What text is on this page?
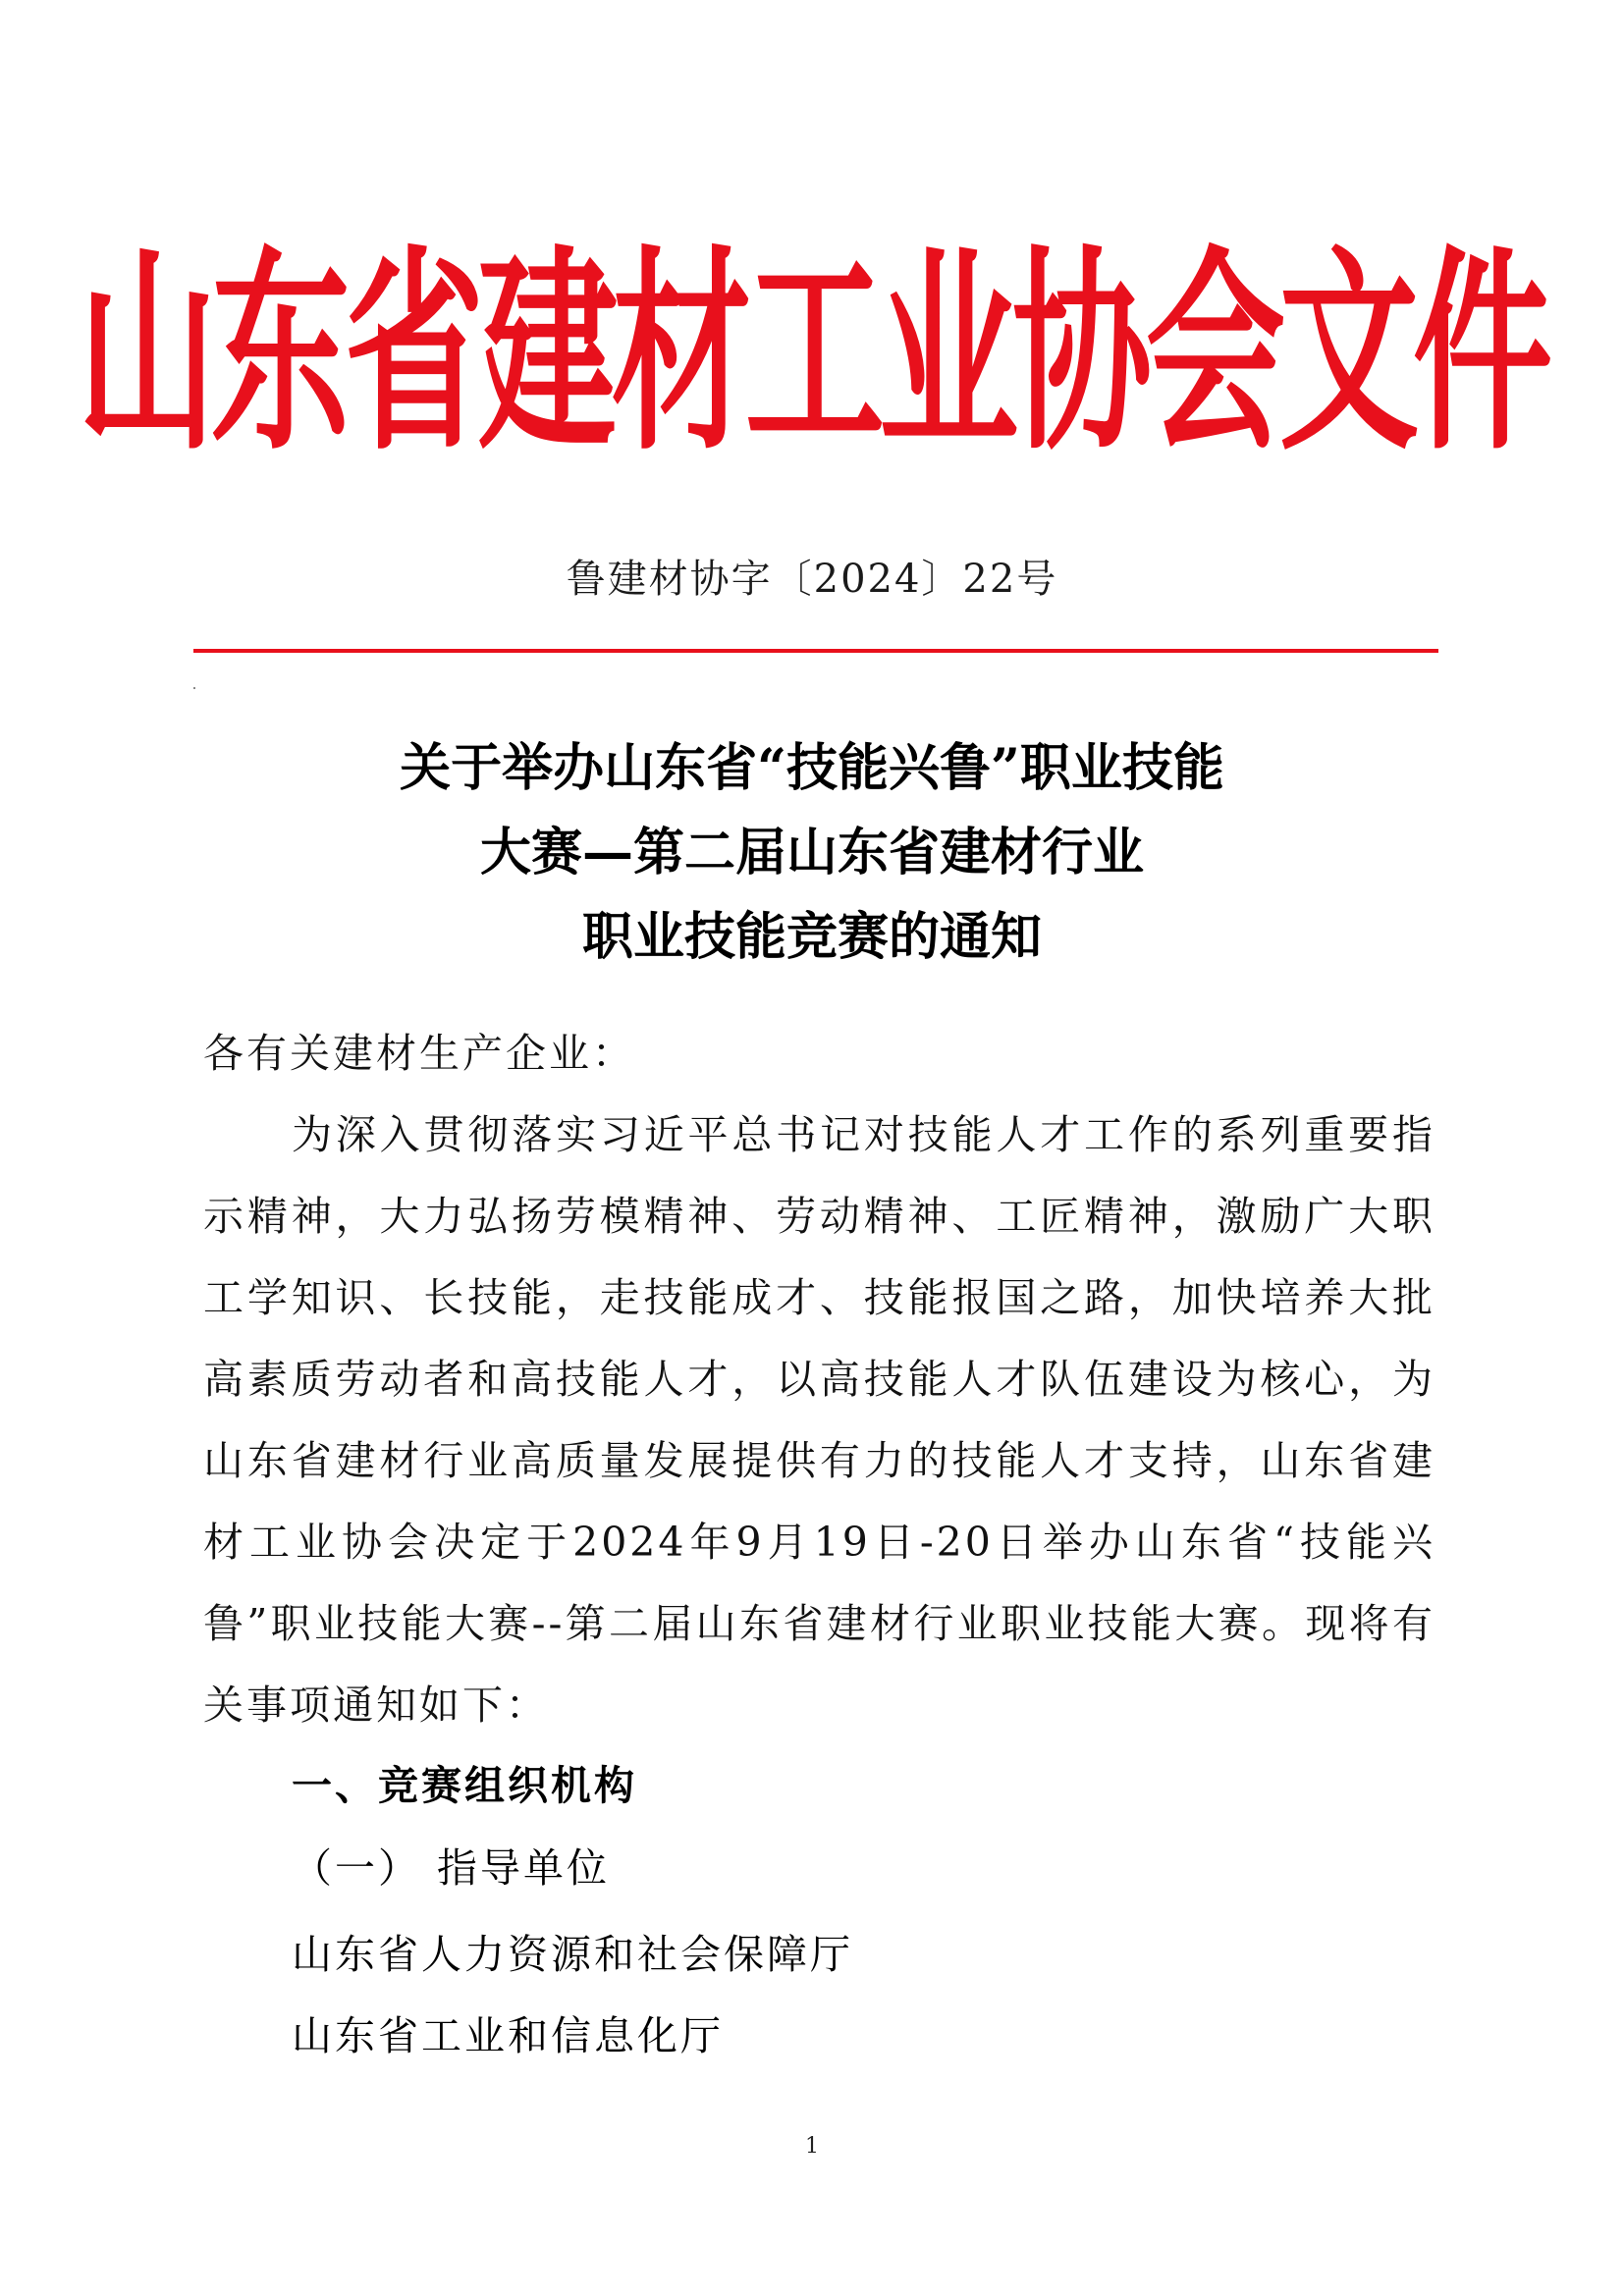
山东省建材工业协会文件
鲁建材协字〔2024〕22号
关于举办山东省“技能兴鲁”职业技能
大赛—第二届山东省建材行业
职业技能竞赛的通知
各有关建材生产企业：
为深入贯彻落实习近平总书记对技能人才工作的系列重要指示精神，大力弘扬劳模精神、劳动精神、工匠精神，激励广大职工学知识、长技能，走技能成才、技能报国之路，加快培养大批高素质劳动者和高技能人才，以高技能人才队伍建设为核心，为山东省建材行业高质量发展提供有力的技能人才支持，山东省建材工业协会决定于2024年9月19日-20日举办山东省“技能兴鲁”职业技能大赛--第二届山东省建材行业职业技能大赛。现将有关事项通知如下：
一、竞赛组织机构
（一） 指导单位
山东省人力资源和社会保障厅
山东省工业和信息化厅
1
